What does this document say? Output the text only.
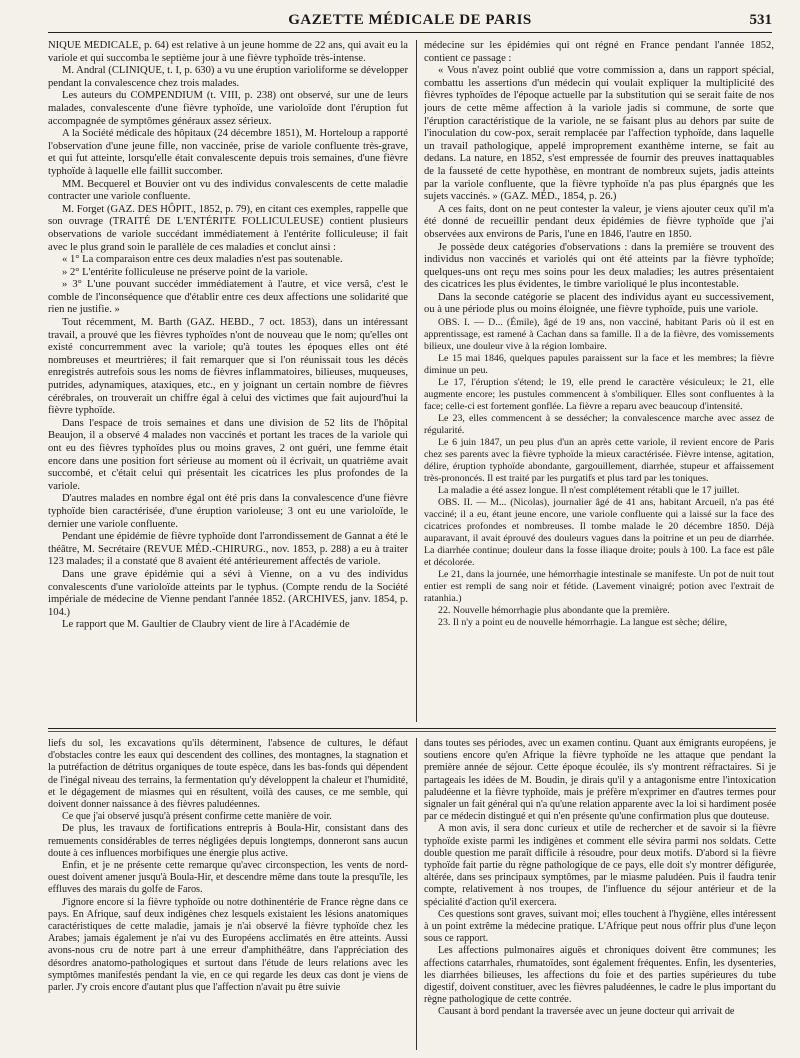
GAZETTE MÉDICALE DE PARIS	531

NIQUE MÉDICALE, p. 64) est relative à un jeune homme de 22 ans, qui avait eu la variole et qui succomba le septième jour à une fièvre typhoïde très-intense.

M. Andral (CLINIQUE, t. I, p. 630) a vu une éruption varioliforme se développer pendant la convalescence chez trois malades.

Les auteurs du COMPENDIUM (t. VIII, p. 238) ont observé, sur une de leurs malades, convalescente d'une fièvre typhoïde, une varioloïde dont l'éruption fut accompagnée de symptômes généraux assez sérieux.

A la Société médicale des hôpitaux (24 décembre 1851), M. Horteloup a rapporté l'observation d'une jeune fille, non vaccinée, prise de variole confluente très-grave, et qui fut atteinte, lorsqu'elle était convalescente depuis trois semaines, d'une fièvre typhoïde à laquelle elle faillit succomber.

MM. Becquerel et Bouvier ont vu des individus convalescents de cette maladie contracter une variole confluente.

M. Forget (GAZ. DES HÔPIT., 1852, p. 79), en citant ces exemples, rappelle que son ouvrage (TRAITÉ DE L'ENTÉRITE FOLLICULEUSE) contient plusieurs observations de variole succédant immédiatement à l'entérite folliculeuse; il fait avec le plus grand soin le parallèle de ces maladies et conclut ainsi :

« 1° La comparaison entre ces deux maladies n'est pas soutenable.

» 2° L'entérite folliculeuse ne préserve point de la variole.

» 3° L'une pouvant succéder immédiatement à l'autre, et vice versâ, c'est le comble de l'inconséquence que d'établir entre ces deux affections une solidarité que rien ne justifie. »

Tout récemment, M. Barth (GAZ. HEBD., 7 oct. 1853), dans un intéressant travail, a prouvé que les fièvres typhoïdes n'ont de nouveau que le nom; qu'elles ont existé concurremment avec la variole; qu'à toutes les époques elles ont été nombreuses et meurtrières; il fait remarquer que si l'on réunissait tous les décès enregistrés autrefois sous les noms de fièvres inflammatoires, bilieuses, muqueuses, putrides, adynamiques, ataxiques, etc., en y joignant un certain nombre de fièvres cérébrales, on trouverait un chiffre égal à celui des victimes que fait aujourd'hui la fièvre typhoïde.

Dans l'espace de trois semaines et dans une division de 52 lits de l'hôpital Beaujon, il a observé 4 malades non vaccinés et portant les traces de la variole qui ont eu des fièvres typhoïdes plus ou moins graves, 2 ont guéri, une femme était encore dans une position fort sérieuse au moment où il écrivait, un quatrième avait succombé, et c'était celui qui présentait les cicatrices les plus profondes de la variole.

D'autres malades en nombre égal ont été pris dans la convalescence d'une fièvre typhoïde bien caractérisée, d'une éruption varioleuse; 3 ont eu une varioloïde, le dernier une variole confluente.

Pendant une épidémie de fièvre typhoïde dont l'arrondissement de Gannat a été le théâtre, M. Secrétaire (REVUE MÉD.-CHIRURG., nov. 1853, p. 288) a eu à traiter 123 malades; il a constaté que 8 avaient été antérieurement affectés de variole.

Dans une grave épidémie qui a sévi à Vienne, on a vu des individus convalescents d'une varioloïde atteints par le typhus. (Compte rendu de la Société impériale de médecine de Vienne pendant l'année 1852. (ARCHIVES, janv. 1854, p. 104.)

Le rapport que M. Gaultier de Claubry vient de lire à l'Académie de

médecine sur les épidémies qui ont régné en France pendant l'année 1852, contient ce passage :

« Vous n'avez point oublié que votre commission a, dans un rapport spécial, combattu les assertions d'un médecin qui voulait expliquer la multiplicité des fièvres typhoïdes de l'époque actuelle par la substitution qui se serait faite de nos jours de cette même affection à la variole jadis si commune, de sorte que l'éruption caractéristique de la variole, ne se faisant plus au dehors par suite de l'inoculation du cow-pox, serait remplacée par l'affection typhoïde, dans laquelle un travail pathologique, appelé improprement exanthème interne, se fait au dedans. La nature, en 1852, s'est empressée de fournir des preuves inattaquables de la fausseté de cette hypothèse, en montrant de nombreux sujets, jadis atteints par la variole confluente, que la fièvre typhoïde n'a pas plus épargnés que les sujets vaccinés. » (GAZ. MÉD., 1854, p. 26.)

A ces faits, dont on ne peut contester la valeur, je viens ajouter ceux qu'il m'a été donné de recueillir pendant deux épidémies de fièvre typhoïde que j'ai observées aux environs de Paris, l'une en 1846, l'autre en 1850.

Je possède deux catégories d'observations : dans la première se trouvent des individus non vaccinés et variolés qui ont été atteints par la fièvre typhoïde; quelques-uns ont reçu mes soins pour les deux maladies; les autres présentaient des cicatrices les plus évidentes, le timbre varioliqué le plus incontestable.

Dans la seconde catégorie se placent des individus ayant eu successivement, ou à une période plus ou moins éloignée, une fièvre typhoïde, puis une variole.

OBS. I. — D... (Émile), âgé de 19 ans, non vacciné, habitant Paris où il est en apprentissage, est ramené à Cachan dans sa famille. Il a de la fièvre, des vomissements bilieux, une douleur vive à la région lombaire.

Le 15 mai 1846, quelques papules paraissent sur la face et les membres; la fièvre diminue un peu.

Le 17, l'éruption s'étend; le 19, elle prend le caractère vésiculeux; le 21, elle augmente encore; les pustules commencent à s'ombiliquer. Elles sont confluentes à la face; celle-ci est fortement gonflée. La fièvre a reparu avec beaucoup d'intensité.

Le 23, elles commencent à se dessécher; la convalescence marche avec assez de régularité.

Le 6 juin 1847, un peu plus d'un an après cette variole, il revient encore de Paris chez ses parents avec la fièvre typhoïde la mieux caractérisée. Fièvre intense, agitation, délire, éruption typhoïde abondante, gargouillement, diarrhée, stupeur et affaissement très-prononcés. Il est traité par les purgatifs et plus tard par les toniques.

La maladie a été assez longue. Il n'est complétement rétabli que le 17 juillet.

OBS. II. — M... (Nicolas), journalier âgé de 41 ans, habitant Arcueil, n'a pas été vacciné; il a eu, étant jeune encore, une variole confluente qui a laissé sur la face des cicatrices profondes et nombreuses. Il tombe malade le 20 décembre 1850. Déjà auparavant, il avait éprouvé des douleurs vagues dans la poitrine et un peu de diarrhée. La diarrhée continue; douleur dans la fosse iliaque droite; pouls à 100. La face est pâle et décolorée.

Le 21, dans la journée, une hémorrhagie intestinale se manifeste. Un pot de nuit tout entier est rempli de sang noir et fétide. (Lavement vinaigré; potion avec l'extrait de ratanhia.)

22. Nouvelle hémorrhagie plus abondante que la première.

23. Il n'y a point eu de nouvelle hémorrhagie. La langue est sèche; délire,

liefs du sol, les excavations qu'ils déterminent, l'absence de cultures, le défaut d'obstacles contre les eaux qui descendent des collines, des montagnes, la stagnation et la putréfaction de détritus organiques de toute espèce, dans les bas-fonds qui dépendent de l'inégal niveau des terrains, la fermentation qu'y développent la chaleur et l'humidité, et le dégagement de miasmes qui en résultent, voilà des causes, ce me semble, qui doivent donner naissance à des fièvres paludéennes.

Ce que j'ai observé jusqu'à présent confirme cette manière de voir.

De plus, les travaux de fortifications entrepris à Boula-Hir, consistant dans des remuements considérables de terres négligées depuis longtemps, donneront sans aucun doute à ces influences morbifiques une énergie plus active.

Enfin, et je ne présente cette remarque qu'avec circonspection, les vents de nord-ouest doivent amener jusqu'à Boula-Hir, et descendre même dans toute la presqu'île, les effluves des marais du golfe de Faros.

J'ignore encore si la fièvre typhoïde ou notre dothinentérie de France règne dans ce pays. En Afrique, sauf deux indigènes chez lesquels existaient les lésions anatomiques caractéristiques de cette maladie, jamais je n'ai observé la fièvre typhoïde chez les Arabes; jamais également je n'ai vu des Européens acclimatés en être atteints. Aussi avons-nous cru de notre part à une erreur d'amphithéâtre, dans l'appréciation des désordres anatomo-pathologiques et surtout dans l'étude de leurs relations avec les symptômes manifestés pendant la vie, en ce qui regarde les deux cas dont je viens de parler. J'y crois encore d'autant plus que l'affection n'avait pu être suivie

dans toutes ses périodes, avec un examen continu. Quant aux émigrants européens, je soutiens encore qu'en Afrique la fièvre typhoïde ne les attaque que pendant la première année de séjour. Cette époque écoulée, ils s'y montrent réfractaires. Si je partageais les idées de M. Boudin, je dirais qu'il y a antagonisme entre l'intoxication paludéenne et la fièvre typhoïde, mais je préfère m'exprimer en d'autres termes pour signaler un fait général qui n'a qu'une relation apparente avec la loi si hardiment posée par ce médecin distingué et qui n'en présente qu'une confirmation plus que douteuse.

A mon avis, il sera donc curieux et utile de rechercher et de savoir si la fièvre typhoïde existe parmi les indigènes et comment elle sévira parmi nos soldats. Cette double question me paraît difficile à résoudre, pour deux motifs. D'abord si la fièvre typhoïde fait partie du règne pathologique de ce pays, elle doit s'y montrer défigurée, altérée, dans ses principaux symptômes, par le miasme paludéen. Puis il faudra tenir compte, relativement à nos troupes, de l'influence du séjour antérieur et de la spécialité d'action qu'il exercera.

Ces questions sont graves, suivant moi; elles touchent à l'hygiène, elles intéressent à un point extrême la médecine pratique. L'Afrique peut nous offrir plus d'une leçon sous ce rapport.

Les affections pulmonaires aiguës et chroniques doivent être communes; les affections catarrhales, rhumatoïdes, sont également fréquentes. Enfin, les dysenteries, les diarrhées bilieuses, les affections du foie et des parties supérieures du tube digestif, doivent constituer, avec les fièvres paludéennes, le cadre le plus important du règne pathologique de cette contrée.

Causant à bord pendant la traversée avec un jeune docteur qui arrivait de
